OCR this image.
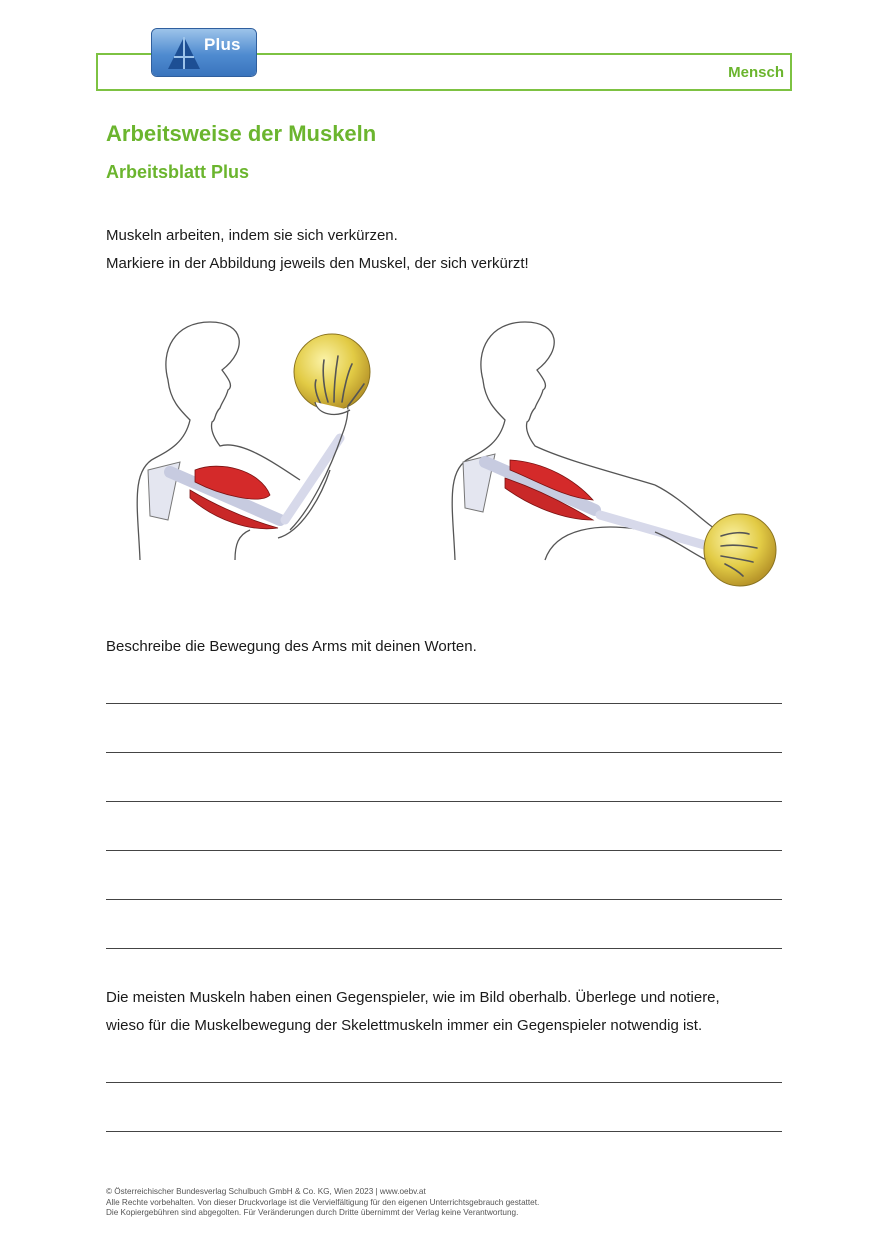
Plus
Mensch
Arbeitsweise der Muskeln
Arbeitsblatt Plus
Muskeln arbeiten, indem sie sich verkürzen.
Markiere in der Abbildung jeweils den Muskel, der sich verkürzt!
Beschreibe die Bewegung des Arms mit deinen Worten.
Die meisten Muskeln haben einen Gegenspieler, wie im Bild oberhalb. Überlege und notiere,
wieso für die Muskelbewegung der Skelettmuskeln immer ein Gegenspieler notwendig ist.
© Österreichischer Bundesverlag Schulbuch GmbH & Co. KG, Wien 2023 | www.oebv.at
Alle Rechte vorbehalten. Von dieser Druckvorlage ist die Vervielfältigung für den eigenen Unterrichtsgebrauch gestattet.
Die Kopiergebühren sind abgegolten. Für Veränderungen durch Dritte übernimmt der Verlag keine Verantwortung.
